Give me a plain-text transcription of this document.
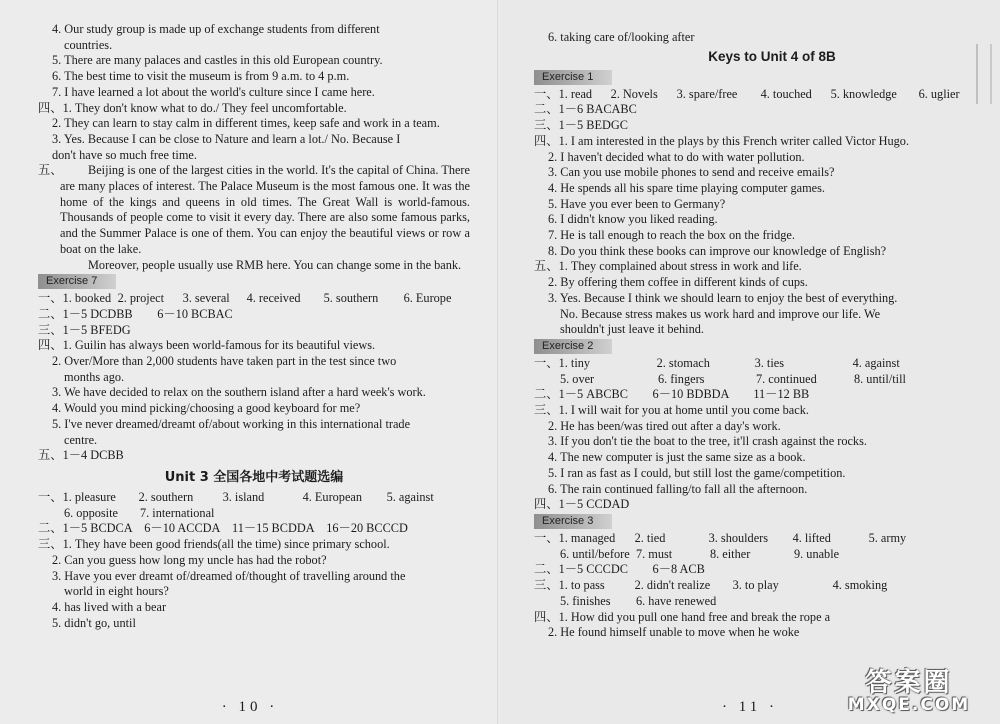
4. Our study group is made up of exchange students from different
countries.
5. There are many palaces and castles in this old European country.
6. The best time to visit the museum is from 9 a.m. to 4 p.m.
7. I have learned a lot about the world's culture since I came here.
四、1. They don't know what to do./ They feel uncomfortable.
2. They can learn to stay calm in different times, keep safe and work in a team.
3. Yes. Because I can be close to Nature and learn a lot./ No. Because I
don't have so much free time.
五、	Beijing is one of the largest cities in the world. It's the capital of China. There are many places of interest. The Palace Museum is the most famous one. It was the home of the kings and queens in old times. The Great Wall is world-famous. Thousands of people come to visit it every day. There are also some famous parks, and the Summer Palace is one of them. You can enjoy the beautiful views or row a boat on the lake.
Moreover, people usually use RMB here. You can change some in the bank.
Exercise 7
一、 1. booked 2. project	3. several	4. received	5. southern	6. Europe
二、1－5 DCDBB　　6－10 BCBAC
三、1－5 BFEDG
四、1. Guilin has always been world-famous for its beautiful views.
2. Over/More than 2,000 students have taken part in the test since two
months ago.
3. We have decided to relax on the southern island after a hard week's work.
4. Would you mind picking/choosing a good keyboard for me?
5. I've never dreamed/dreamt of/about working in this international trade
centre.
五、1－4 DCBB
Unit 3 全国各地中考试题选编
一、 1. pleasure	2. southern	3. island	4. European	5. against
6. opposite	7. international
二、1－5 BCDCA　6－10 ACCDA　11－15 BCDDA　16－20 BCCCD
三、1. They have been good friends(all the time) since primary school.
2. Can you guess how long my uncle has had the robot?
3. Have you ever dreamt of/dreamed of/thought of travelling around the
world in eight hours?
4. has lived with a bear
5. didn't go, until
· 10 ·
6. taking care of/looking after
Keys to Unit 4 of 8B
Exercise 1
一、 1. read	2. Novels	3. spare/free	4. touched	5. knowledge	6. uglier
二、1－6 BACABC
三、1－5 BEDGC
四、1. I am interested in the plays by this French writer called Victor Hugo.
2. I haven't decided what to do with water pollution.
3. Can you use mobile phones to send and receive emails?
4. He spends all his spare time playing computer games.
5. Have you ever been to Germany?
6. I didn't know you liked reading.
7. He is tall enough to reach the box on the fridge.
8. Do you think these books can improve our knowledge of English?
五、1. They complained about stress in work and life.
2. By offering them coffee in different kinds of cups.
3. Yes. Because I think we should learn to enjoy the best of everything.
No. Because stress makes us work hard and improve our life. We
shouldn't just leave it behind.
Exercise 2
一、 1. tiny	2. stomach	3. ties	4. against
5. over	6. fingers	7. continued	8. until/till
二、1－5 ABCBC　　6－10 BDBDA　　11－12 BB
三、1. I will wait for you at home until you come back.
2. He has been/was tired out after a day's work.
3. If you don't tie the boat to the tree, it'll crash against the rocks.
4. The new computer is just the same size as a book.
5. I ran as fast as I could, but still lost the game/competition.
6. The rain continued falling/to fall all the afternoon.
四、1－5 CCDAD
Exercise 3
一、 1. managed	2. tied	3. shoulders	4. lifted	5. army
6. until/before 7. must	8. either	9. unable
二、1－5 CCCDC　　6－8 ACB
三、 1. to pass	2. didn't realize	3. to play	4. smoking
5. finishes	6. have renewed
四、1. How did you pull one hand free and break the rope a
2. He found himself unable to move when he woke
· 11 ·
答案圈
MXQE.COM
